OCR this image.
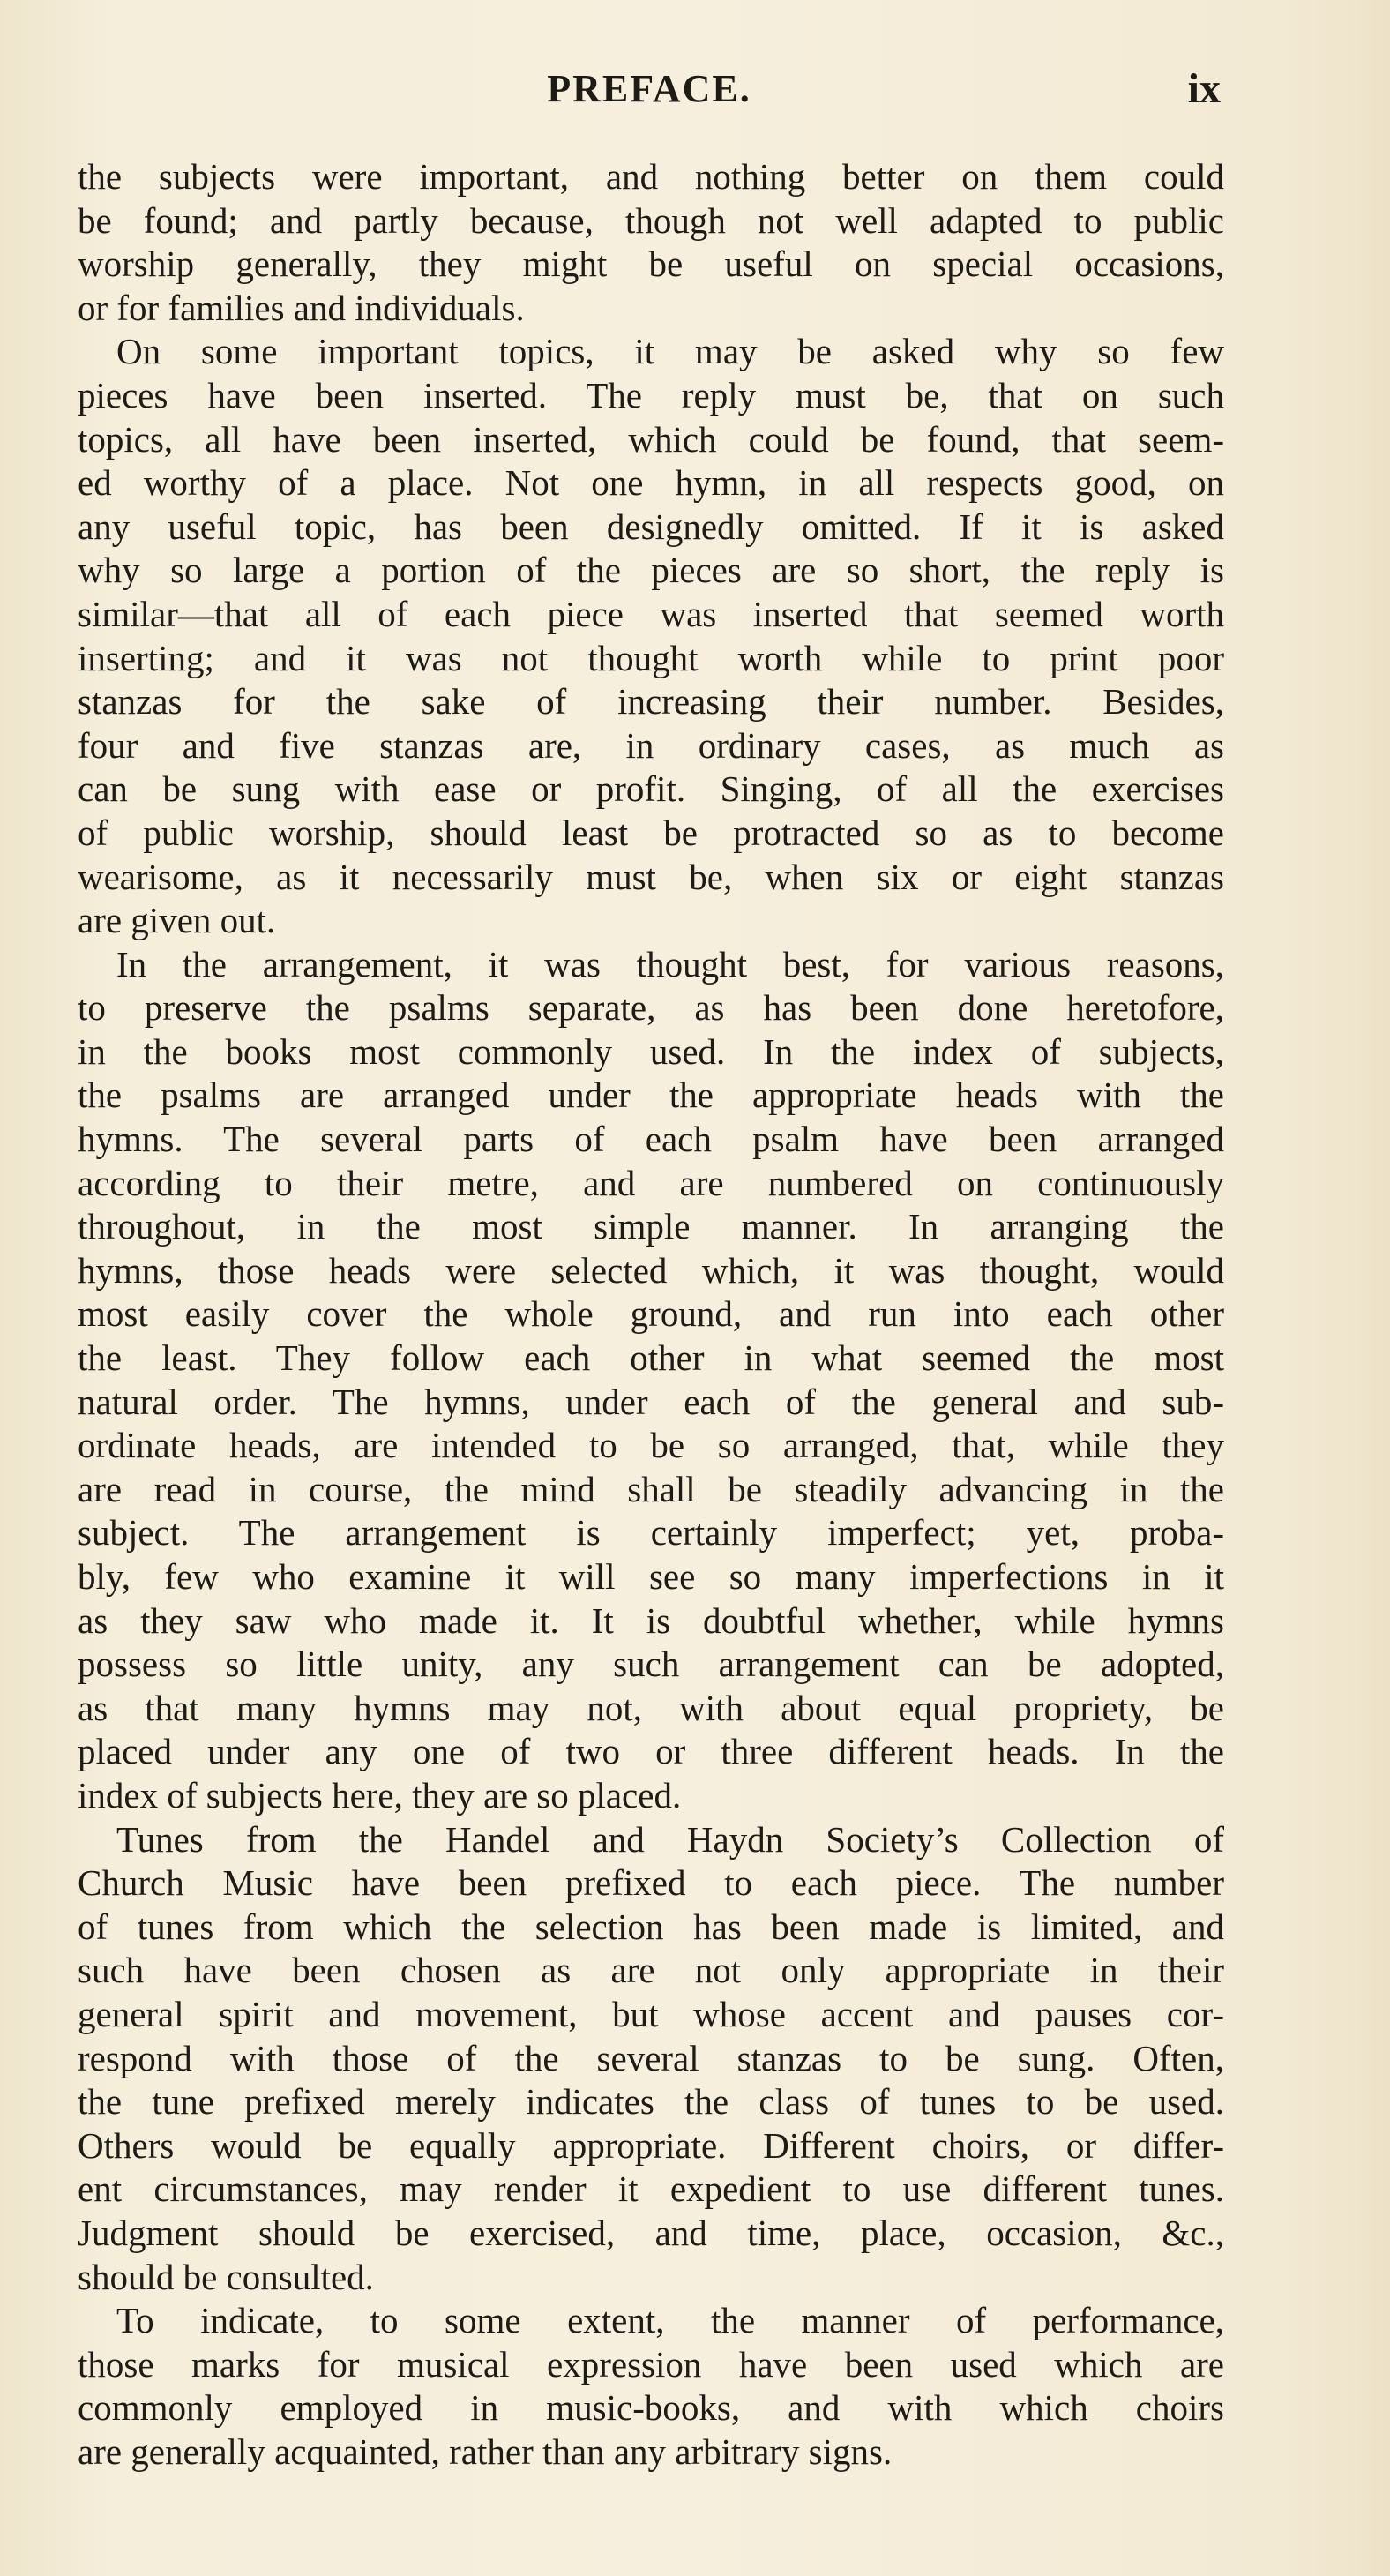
PREFACE.	ix
the subjects were important, and nothing better on them could
be found; and partly because, though not well adapted to public
worship generally, they might be useful on special occasions,
or for families and individuals.
On some important topics, it may be asked why so few
pieces have been inserted. The reply must be, that on such
topics, all have been inserted, which could be found, that seem-
ed worthy of a place. Not one hymn, in all respects good, on
any useful topic, has been designedly omitted. If it is asked
why so large a portion of the pieces are so short, the reply is
similar—that all of each piece was inserted that seemed worth
inserting; and it was not thought worth while to print poor
stanzas for the sake of increasing their number. Besides,
four and five stanzas are, in ordinary cases, as much as
can be sung with ease or profit. Singing, of all the exercises
of public worship, should least be protracted so as to become
wearisome, as it necessarily must be, when six or eight stanzas
are given out.
In the arrangement, it was thought best, for various reasons,
to preserve the psalms separate, as has been done heretofore,
in the books most commonly used. In the index of subjects,
the psalms are arranged under the appropriate heads with the
hymns. The several parts of each psalm have been arranged
according to their metre, and are numbered on continuously
throughout, in the most simple manner. In arranging the
hymns, those heads were selected which, it was thought, would
most easily cover the whole ground, and run into each other
the least. They follow each other in what seemed the most
natural order. The hymns, under each of the general and sub-
ordinate heads, are intended to be so arranged, that, while they
are read in course, the mind shall be steadily advancing in the
subject. The arrangement is certainly imperfect; yet, proba-
bly, few who examine it will see so many imperfections in it
as they saw who made it. It is doubtful whether, while hymns
possess so little unity, any such arrangement can be adopted,
as that many hymns may not, with about equal propriety, be
placed under any one of two or three different heads. In the
index of subjects here, they are so placed.
Tunes from the Handel and Haydn Society’s Collection of
Church Music have been prefixed to each piece. The number
of tunes from which the selection has been made is limited, and
such have been chosen as are not only appropriate in their
general spirit and movement, but whose accent and pauses cor-
respond with those of the several stanzas to be sung. Often,
the tune prefixed merely indicates the class of tunes to be used.
Others would be equally appropriate. Different choirs, or differ-
ent circumstances, may render it expedient to use different tunes.
Judgment should be exercised, and time, place, occasion, &c.,
should be consulted.
To indicate, to some extent, the manner of performance,
those marks for musical expression have been used which are
commonly employed in music-books, and with which choirs
are generally acquainted, rather than any arbitrary signs.
